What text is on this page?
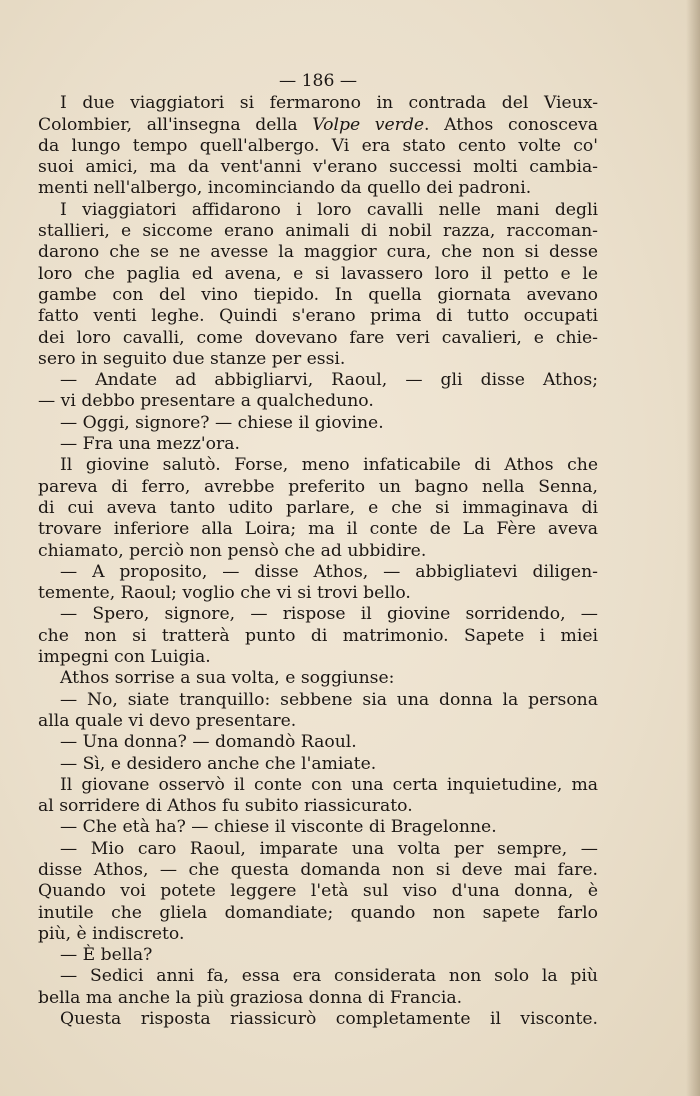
— 186 —
I due viaggiatori si fermarono in contrada del Vieux-
Colombier, all'insegna della Volpe verde. Athos conosceva
da lungo tempo quell'albergo. Vi era stato cento volte co'
suoi amici, ma da vent'anni v'erano successi molti cambia-
menti nell'albergo, incominciando da quello dei padroni.
I viaggiatori affidarono i loro cavalli nelle mani degli
stallieri, e siccome erano animali di nobil razza, raccoman-
darono che se ne avesse la maggior cura, che non si desse
loro che paglia ed avena, e si lavassero loro il petto e le
gambe con del vino tiepido. In quella giornata avevano
fatto venti leghe. Quindi s'erano prima di tutto occupati
dei loro cavalli, come dovevano fare veri cavalieri, e chie-
sero in seguito due stanze per essi.
— Andate ad abbigliarvi, Raoul, — gli disse Athos;
— vi debbo presentare a qualcheduno.
— Oggi, signore? — chiese il giovine.
— Fra una mezz'ora.
Il giovine salutò. Forse, meno infaticabile di Athos che
pareva di ferro, avrebbe preferito un bagno nella Senna,
di cui aveva tanto udito parlare, e che si immaginava di
trovare inferiore alla Loira; ma il conte de La Fère aveva
chiamato, perciò non pensò che ad ubbidire.
— A proposito, — disse Athos, — abbigliatevi diligen-
temente, Raoul; voglio che vi si trovi bello.
— Spero, signore, — rispose il giovine sorridendo, —
che non si tratterà punto di matrimonio. Sapete i miei
impegni con Luigia.
Athos sorrise a sua volta, e soggiunse:
— No, siate tranquillo: sebbene sia una donna la persona
alla quale vi devo presentare.
— Una donna? — domandò Raoul.
— Sì, e desidero anche che l'amiate.
Il giovane osservò il conte con una certa inquietudine, ma
al sorridere di Athos fu subito riassicurato.
— Che età ha? — chiese il visconte di Bragelonne.
— Mio caro Raoul, imparate una volta per sempre, —
disse Athos, — che questa domanda non si deve mai fare.
Quando voi potete leggere l'età sul viso d'una donna, è
inutile che gliela domandiate; quando non sapete farlo
più, è indiscreto.
— È bella?
— Sedici anni fa, essa era considerata non solo la più
bella ma anche la più graziosa donna di Francia.
Questa risposta riassicurò completamente il visconte.
